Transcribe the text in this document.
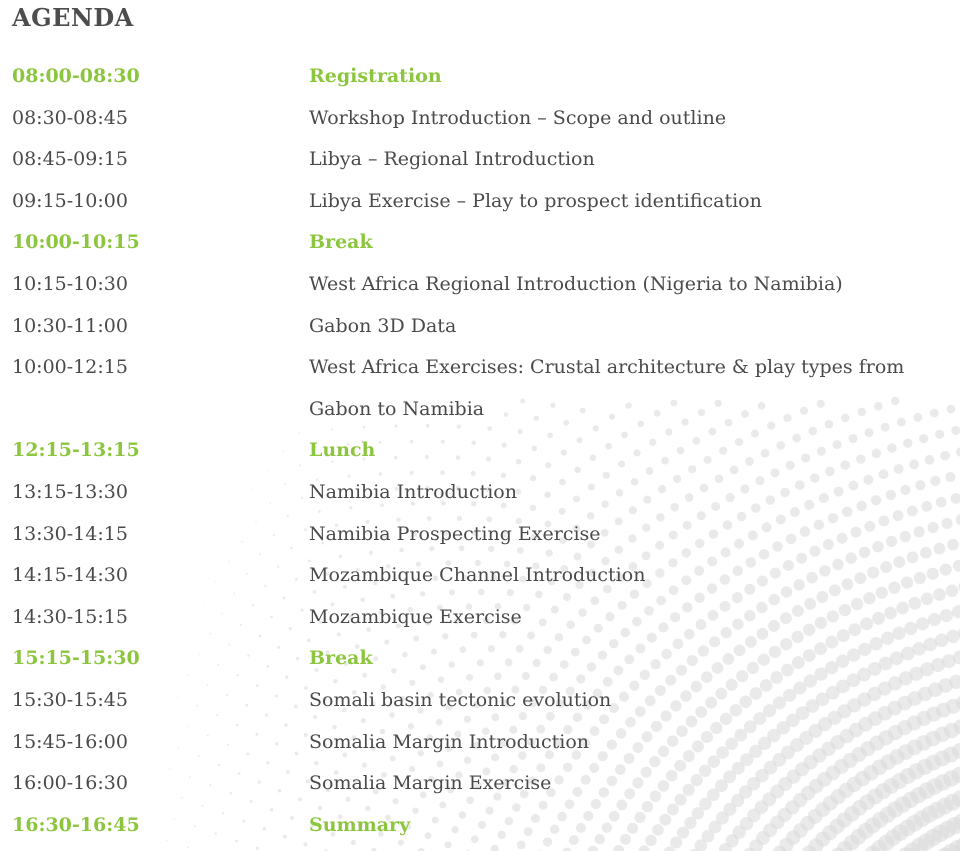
AGENDA
08:00-08:30	Registration
08:30-08:45	Workshop Introduction – Scope and outline
08:45-09:15	Libya – Regional Introduction
09:15-10:00	Libya Exercise – Play to prospect identification
10:00-10:15	Break
10:15-10:30	West Africa Regional Introduction (Nigeria to Namibia)
10:30-11:00	Gabon 3D Data
10:00-12:15	West Africa Exercises: Crustal architecture & play types from Gabon to Namibia
12:15-13:15	Lunch
13:15-13:30	Namibia Introduction
13:30-14:15	Namibia Prospecting Exercise
14:15-14:30	Mozambique Channel Introduction
14:30-15:15	Mozambique Exercise
15:15-15:30	Break
15:30-15:45	Somali basin tectonic evolution
15:45-16:00	Somalia Margin Introduction
16:00-16:30	Somalia Margin Exercise
16:30-16:45	Summary
